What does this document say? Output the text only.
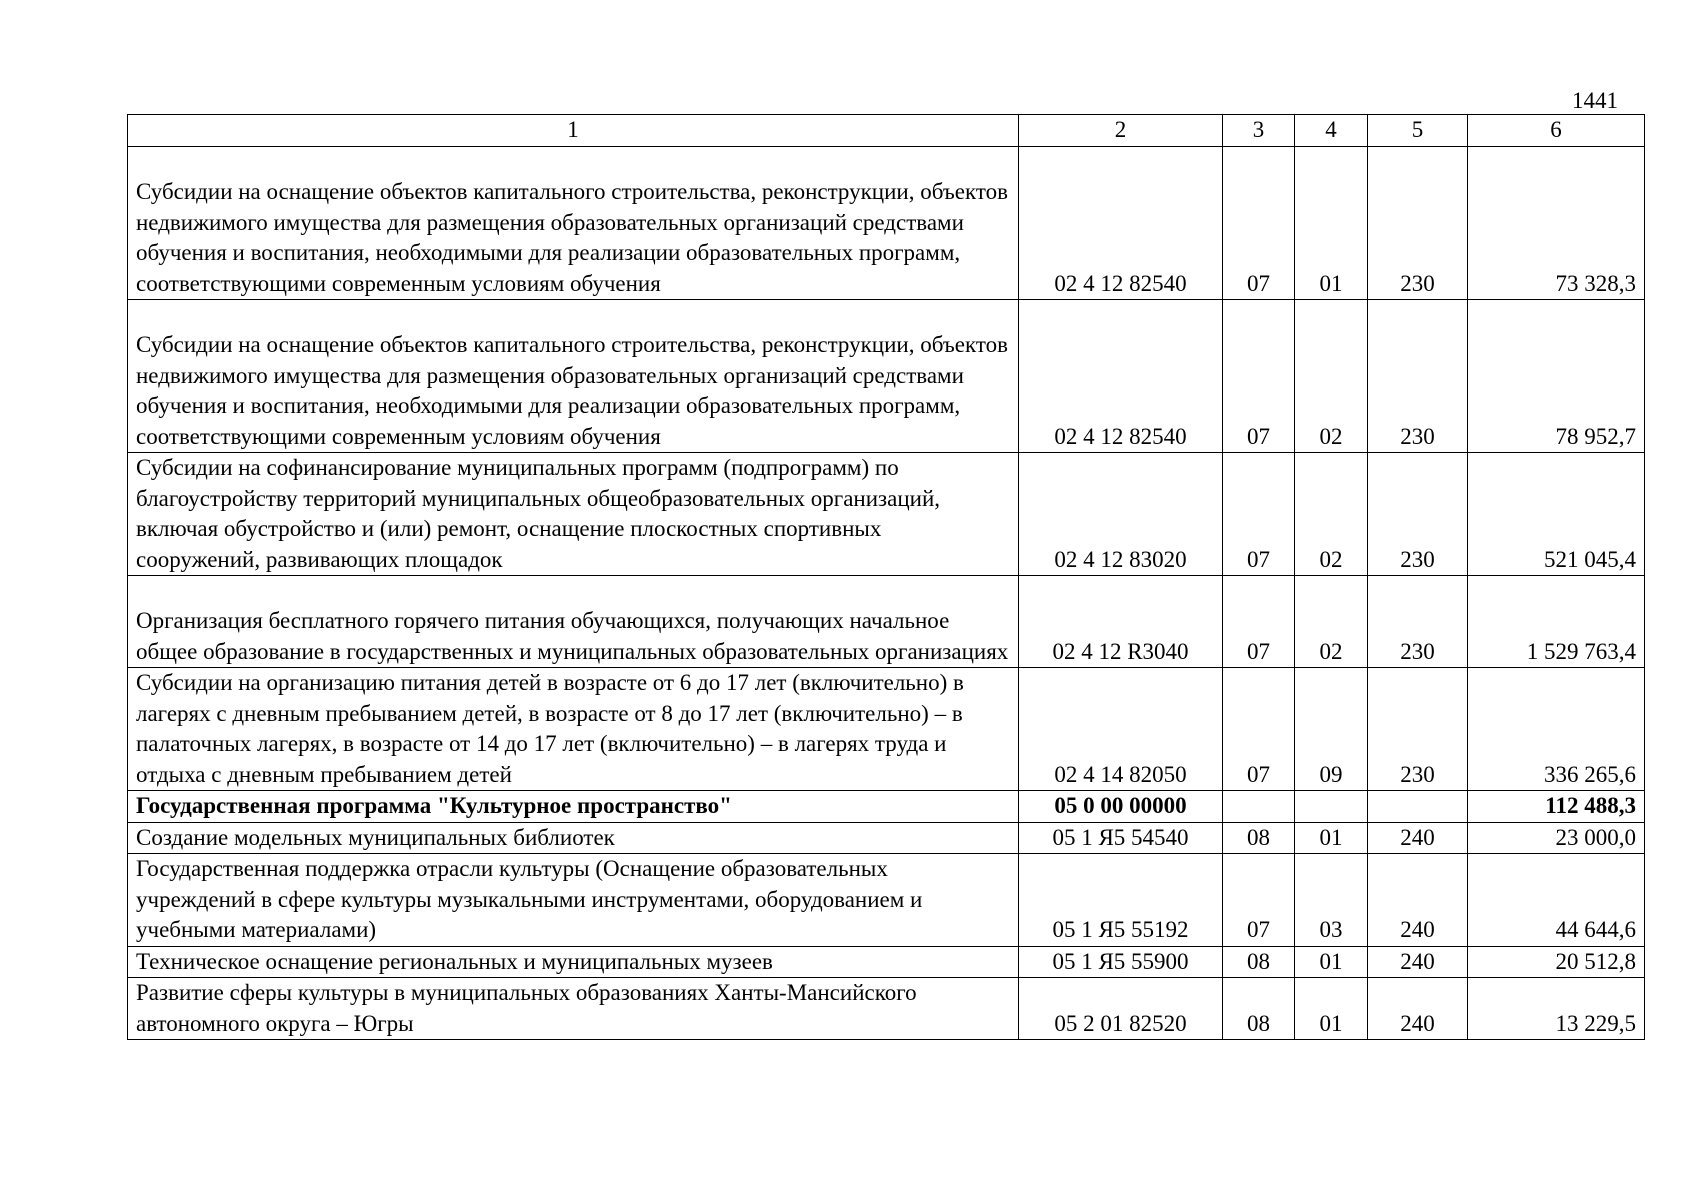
1441
1	2	3	4	5	6
Субсидии на оснащение объектов капитального строительства, реконструкции, объектов недвижимого имущества для размещения образовательных организаций средствами обучения и воспитания, необходимыми для реализации образовательных программ, соответствующими современным условиям обучения	02 4 12 82540	07	01	230	73 328,3
Субсидии на оснащение объектов капитального строительства, реконструкции, объектов недвижимого имущества для размещения образовательных организаций средствами обучения и воспитания, необходимыми для реализации образовательных программ, соответствующими современным условиям обучения	02 4 12 82540	07	02	230	78 952,7
Субсидии на софинансирование муниципальных программ (подпрограмм) по благоустройству территорий муниципальных общеобразовательных организаций, включая обустройство и (или) ремонт, оснащение плоскостных спортивных сооружений, развивающих площадок	02 4 12 83020	07	02	230	521 045,4
Организация бесплатного горячего питания обучающихся, получающих начальное общее образование в государственных и муниципальных образовательных организациях	02 4 12 R3040	07	02	230	1 529 763,4
Субсидии на организацию питания детей в возрасте от 6 до 17 лет (включительно) в лагерях с дневным пребыванием детей, в возрасте от 8 до 17 лет (включительно) – в палаточных лагерях, в возрасте от 14 до 17 лет (включительно) – в лагерях труда и отдыха с дневным пребыванием детей	02 4 14 82050	07	09	230	336 265,6
Государственная программа "Культурное пространство"	05 0 00 00000				112 488,3
Создание модельных муниципальных библиотек	05 1 Я5 54540	08	01	240	23 000,0
Государственная поддержка отрасли культуры (Оснащение образовательных учреждений в сфере культуры музыкальными инструментами, оборудованием и учебными материалами)	05 1 Я5 55192	07	03	240	44 644,6
Техническое оснащение региональных и муниципальных музеев	05 1 Я5 55900	08	01	240	20 512,8
Развитие сферы культуры в муниципальных образованиях Ханты-Мансийского автономного округа – Югры	05 2 01 82520	08	01	240	13 229,5
